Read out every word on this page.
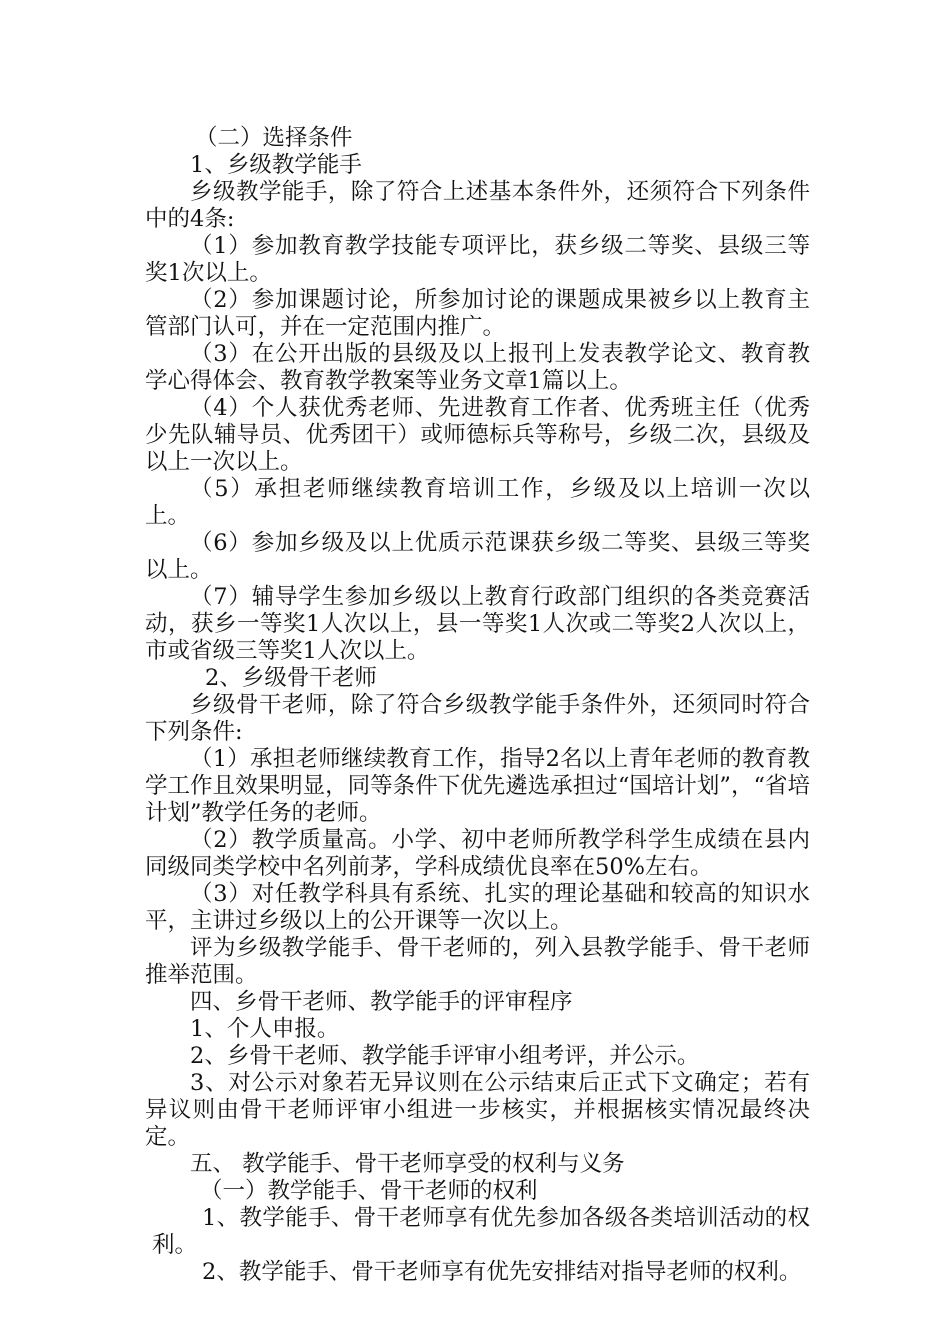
（二）选择条件

1、乡级教学能手

乡级教学能手，除了符合上述基本条件外，还须符合下列条件中的4条:

（1）参加教育教学技能专项评比，获乡级二等奖、县级三等奖1次以上。

（2）参加课题讨论，所参加讨论的课题成果被乡以上教育主管部门认可，并在一定范围内推广。

（3）在公开出版的县级及以上报刊上发表教学论文、教育教学心得体会、教育教学教案等业务文章1篇以上。

（4）个人获优秀老师、先进教育工作者、优秀班主任（优秀少先队辅导员、优秀团干）或师德标兵等称号，乡级二次，县级及以上一次以上。

（5）承担老师继续教育培训工作，乡级及以上培训一次以上。

（6）参加乡级及以上优质示范课获乡级二等奖、县级三等奖以上。

（7）辅导学生参加乡级以上教育行政部门组织的各类竞赛活动，获乡一等奖1人次以上，县一等奖1人次或二等奖2人次以上，市或省级三等奖1人次以上。

2、乡级骨干老师

乡级骨干老师，除了符合乡级教学能手条件外，还须同时符合下列条件:

（1）承担老师继续教育工作，指导2名以上青年老师的教育教学工作且效果明显，同等条件下优先遴选承担过“国培计划”，“省培计划”教学任务的老师。

（2）教学质量高。小学、初中老师所教学科学生成绩在县内同级同类学校中名列前茅，学科成绩优良率在50%左右。

（3）对任教学科具有系统、扎实的理论基础和较高的知识水平，主讲过乡级以上的公开课等一次以上。

评为乡级教学能手、骨干老师的，列入县教学能手、骨干老师推举范围。

四、乡骨干老师、教学能手的评审程序

1、个人申报。

2、乡骨干老师、教学能手评审小组考评，并公示。

3、对公示对象若无异议则在公示结束后正式下文确定；若有异议则由骨干老师评审小组进一步核实，并根据核实情况最终决定。

五、 教学能手、骨干老师享受的权利与义务

（一）教学能手、骨干老师的权利

1、教学能手、骨干老师享有优先参加各级各类培训活动的权利。

2、教学能手、骨干老师享有优先安排结对指导老师的权利。
